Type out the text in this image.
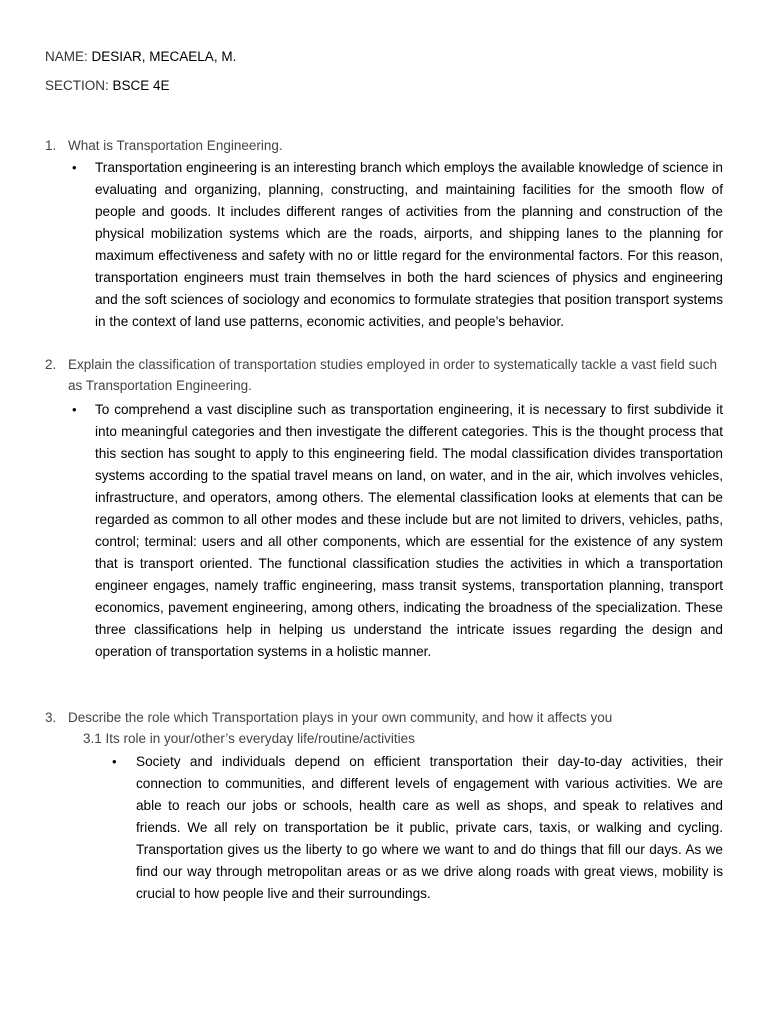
NAME: DESIAR, MECAELA, M.
SECTION: BSCE 4E
1. What is Transportation Engineering.
• Transportation engineering is an interesting branch which employs the available knowledge of science in evaluating and organizing, planning, constructing, and maintaining facilities for the smooth flow of people and goods. It includes different ranges of activities from the planning and construction of the physical mobilization systems which are the roads, airports, and shipping lanes to the planning for maximum effectiveness and safety with no or little regard for the environmental factors. For this reason, transportation engineers must train themselves in both the hard sciences of physics and engineering and the soft sciences of sociology and economics to formulate strategies that position transport systems in the context of land use patterns, economic activities, and people’s behavior.
2. Explain the classification of transportation studies employed in order to systematically tackle a vast field such as Transportation Engineering.
• To comprehend a vast discipline such as transportation engineering, it is necessary to first subdivide it into meaningful categories and then investigate the different categories. This is the thought process that this section has sought to apply to this engineering field. The modal classification divides transportation systems according to the spatial travel means on land, on water, and in the air, which involves vehicles, infrastructure, and operators, among others. The elemental classification looks at elements that can be regarded as common to all other modes and these include but are not limited to drivers, vehicles, paths, control; terminal: users and all other components, which are essential for the existence of any system that is transport oriented. The functional classification studies the activities in which a transportation engineer engages, namely traffic engineering, mass transit systems, transportation planning, transport economics, pavement engineering, among others, indicating the broadness of the specialization. These three classifications help in helping us understand the intricate issues regarding the design and operation of transportation systems in a holistic manner.
3. Describe the role which Transportation plays in your own community, and how it affects you
3.1 Its role in your/other’s everyday life/routine/activities
• Society and individuals depend on efficient transportation their day-to-day activities, their connection to communities, and different levels of engagement with various activities. We are able to reach our jobs or schools, health care as well as shops, and speak to relatives and friends. We all rely on transportation be it public, private cars, taxis, or walking and cycling. Transportation gives us the liberty to go where we want to and do things that fill our days. As we find our way through metropolitan areas or as we drive along roads with great views, mobility is crucial to how people live and their surroundings.
